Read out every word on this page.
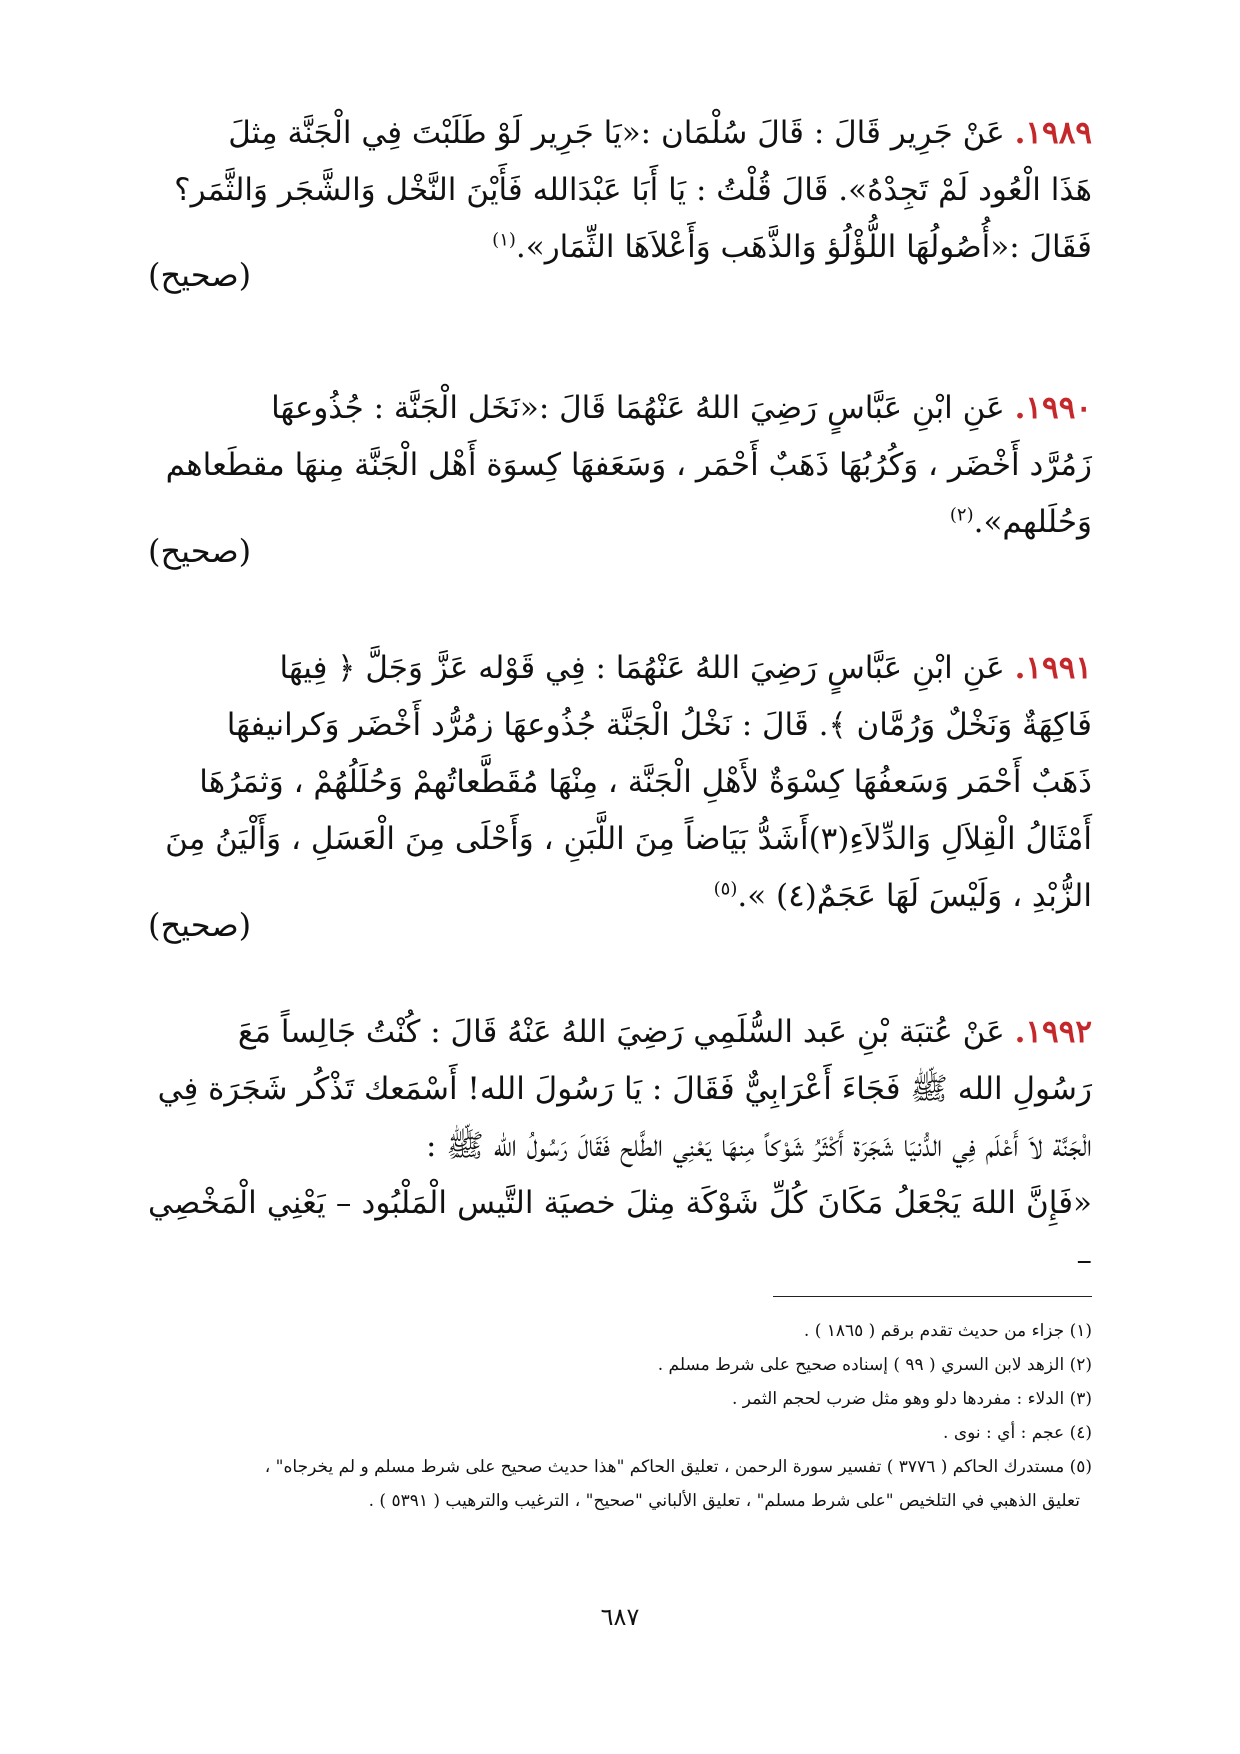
١٩٨٩. عَنْ جَرِير قَالَ : قَالَ سُلْمَان :«يَا جَرِير لَوْ طَلَبْتَ فِي الْجَنَّة مِثلَ

هَذَا الْعُود لَمْ تَجِدْهُ». قَالَ قُلْتُ : يَا أَبَا عَبْدَالله فَأَيْنَ النَّخْل وَالشَّجَر وَالثَّمَر؟

فَقَالَ :«أُصُولُهَا اللُّؤْلُؤ وَالذَّهَب وَأَعْلاَهَا الثِّمَار».$^{(١)}$

(صحيح)

١٩٩٠. عَنِ ابْنِ عَبَّاسٍ رَضِيَ اللهُ عَنْهُمَا قَالَ :«نَخَل الْجَنَّة : جُذُوعهَا

زَمُرَّد أَخْضَر ، وَكُرُبُهَا ذَهَبٌ أَحْمَر ، وَسَعَفهَا كِسوَة أَهْل الْجَنَّة مِنهَا مقطَعاهم

وَحُلَلهم».$^{(٢)}$

(صحيح)

١٩٩١. عَنِ ابْنِ عَبَّاسٍ رَضِيَ اللهُ عَنْهُمَا : فِي قَوْله عَزَّ وَجَلَّ ﴿ فِيهَا

فَاكِهَةٌ وَنَخْلٌ وَرُمَّان ﴾. قَالَ : نَخْلُ الْجَنَّة جُذُوعهَا زمُرُّد أَخْضَر وَكرانيفهَا

ذَهَبٌ أَحْمَر وَسَعفُهَا كِسْوَةٌ لأَهْلِ الْجَنَّة ، مِنْهَا مُقَطَّعاتُهمْ وَحُلَلُهُمْ ، وَثمَرُهَا

أَمْثَالُ الْقِلاَلِ وَالدِّلاَءِ(٣)أَشَدُّ بَيَاضاً مِنَ اللَّبَنِ ، وَأَحْلَى مِنَ الْعَسَلِ ، وَأَلْيَنُ مِنَ

الزُّبْدِ ، وَلَيْسَ لَهَا عَجَمٌ(٤) ».$^{(٥)}$

(صحيح)

١٩٩٢. عَنْ عُتبَة بْنِ عَبد السُّلَمِي رَضِيَ اللهُ عَنْهُ قَالَ : كُنْتُ جَالِساً مَعَ

رَسُولِ الله ﷺ فَجَاءَ أَعْرَابِيٌّ فَقَالَ : يَا رَسُولَ الله! أَسْمَعك تَذْكُر شَجَرَة فِي

الْجَنَّة لاَ أَعْلَم فِي الدُّنيَا شَجَرَة أَكْثَرُ شَوْكاً مِنهَا يَعْنِي الطَّلح فَقَالَ رَسُولُ الله ﷺ :

«فَإِنَّ اللهَ يَجْعَلُ مَكَانَ كُلِّ شَوْكَة مِثلَ خصيَة التَّيس الْمَلْبُود – يَعْنِي الْمَخْصِي –

(١) جزاء من حديث تقدم برقم ( ١٨٦٥ ) .

(٢) الزهد لابن السري ( ٩٩ ) إسناده صحيح على شرط مسلم .

(٣) الدلاء : مفردها دلو وهو مثل ضرب لحجم الثمر .

(٤) عجم : أي : نوى .

(٥) مستدرك الحاكم ( ٣٧٧٦ ) تفسير سورة الرحمن ، تعليق الحاكم "هذا حديث صحيح على شرط مسلم و لم يخرجاه" ،

تعليق الذهبي في التلخيص "على شرط مسلم" ، تعليق الألباني "صحيح" ، الترغيب والترهيب ( ٥٣٩١ ) .

٦٨٧
